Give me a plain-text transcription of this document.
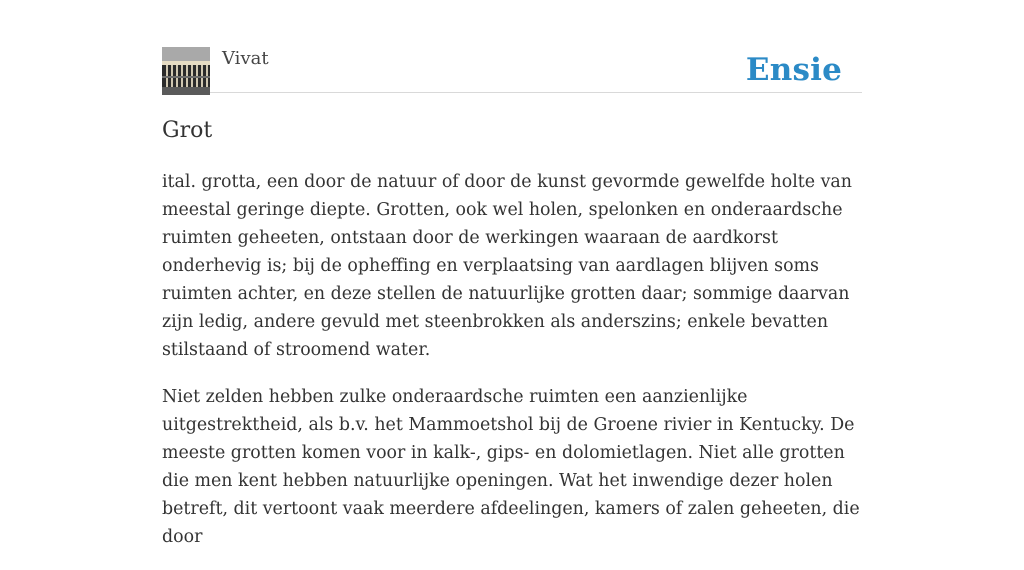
Vivat	Ensie
Grot

ital. grotta, een door de natuur of door de kunst gevormde gewelfde holte van meestal geringe diepte. Grotten, ook wel holen, spelonken en onderaardsche ruimten geheeten, ontstaan door de werkingen waaraan de aardkorst onderhevig is; bij de opheffing en verplaatsing van aardlagen blijven soms ruimten achter, en deze stellen de natuurlijke grotten daar; sommige daarvan zijn ledig, andere gevuld met steenbrokken als anderszins; enkele bevatten stilstaand of stroomend water.

Niet zelden hebben zulke onderaardsche ruimten een aanzienlijke uitgestrektheid, als b.v. het Mammoetshol bij de Groene rivier in Kentucky. De meeste grotten komen voor in kalk-, gips- en dolomietlagen. Niet alle grotten die men kent hebben natuurlijke openingen. Wat het inwendige dezer holen betreft, dit vertoont vaak meerdere afdeelingen, kamers of zalen geheeten, die door
